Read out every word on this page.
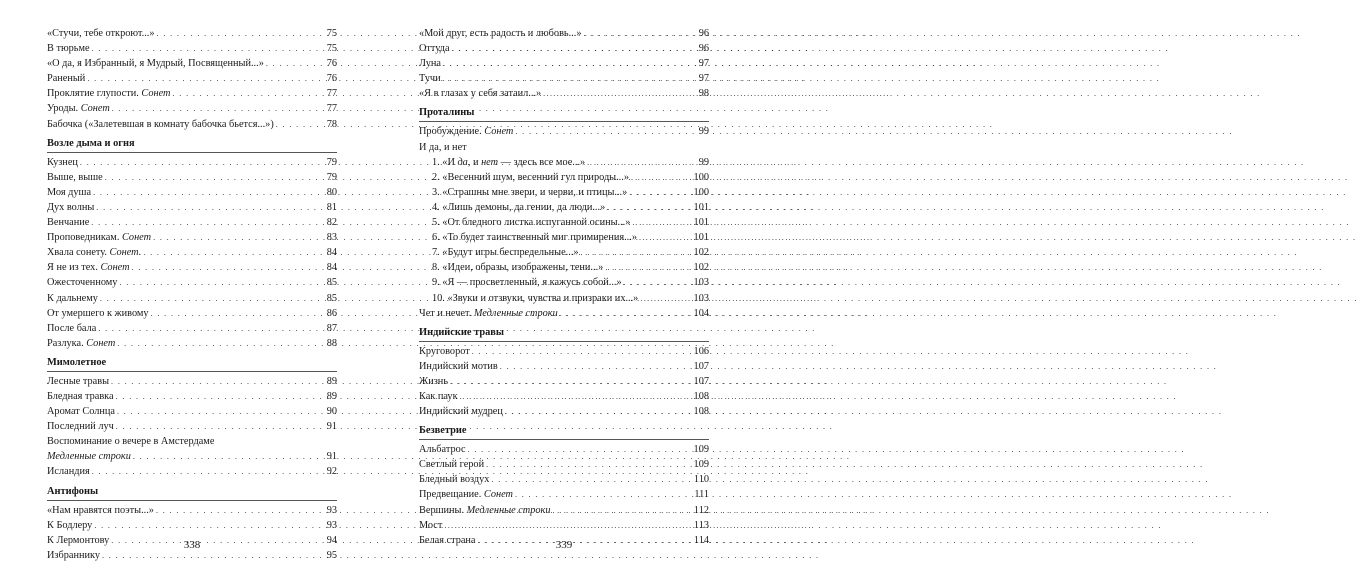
«Стучи, тебе откроют...» . . .	75
В тюрьме . . .	75
«О да, я Избранный, я Мудрый, Посвященный...» . . .	76
Раненый . . .	76
Проклятие глупости. Сонет . . .	77
Уроды. Сонет . . .	77
Бабочка («Залетевшая в комнату бабочка бьется...») . . .	78
Возле дыма и огня
Кузнец . . .	79
Выше, выше . . .	79
Моя душа . . .	80
Дух волны . . .	81
Венчание . . .	82
Проповедникам. Сонет . . .	83
Хвала сонету. Сонет. . . .	84
Я не из тех. Сонет . . .	84
Ожесточенному . . .	85
К дальнему . . .	85
От умершего к живому . . .	86
После бала . . .	87
Разлука. Сонет . . .	88
Мимолетное
Лесные травы . . .	89
Бледная травка . . .	89
Аромат Солнца . . .	90
Последний луч . . .	91
Воспоминание о вечере в Амстердаме
Медленные строки . . .	91
Исландия . . .	92
Антифоны
«Нам нравятся поэты...» . . .	93
К Бодлеру . . .	93
К Лермонтову . . .	94
Избраннику . . .	95
338
«Мой друг, есть радость и любовь...» . . .	96
Оттуда . . .	96
Луна . . .	97
Тучи . . .	97
«Я в глазах у себя затаил...» . . .	98
Проталины
Пробуждение. Сонет . . .	99
И да, и нет
1. «И да, и нет — здесь все мое...» . . .	99
2. «Весенний шум, весенний гул природы...» . . .	100
3. «Страшны мне звери, и черви, и птицы...» . . .	100
4. «Лишь демоны, да гении, да люди...» . . .	101
5. «От бледного листка испуганной осины...» . . .	101
6. «То будет таинственный миг примирения...» . . .	101
7. «Будут игры беспредельные...» . . .	102
8. «Идеи, образы, изображены, тени...» . . .	102
9. «Я — просветленный, я кажусь собой...» . . .	103
10. «Звуки и отзвуки, чувства и призраки их...» . . .	103
Чет и нечет. Медленные строки . . .	104
Индийские травы
Круговорот . . .	106
Индийский мотив . . .	107
Жизнь . . .	107
Как паук . . .	108
Индийский мудрец . . .	108
Безветрие
Альбатрос . . .	109
Светлый герой . . .	109
Бледный воздух . . .	110
Предвещание. Сонет . . .	111
Вершины. Медленные строки . . .	112
Мост . . .	113
Белая страна . . .	114
339
